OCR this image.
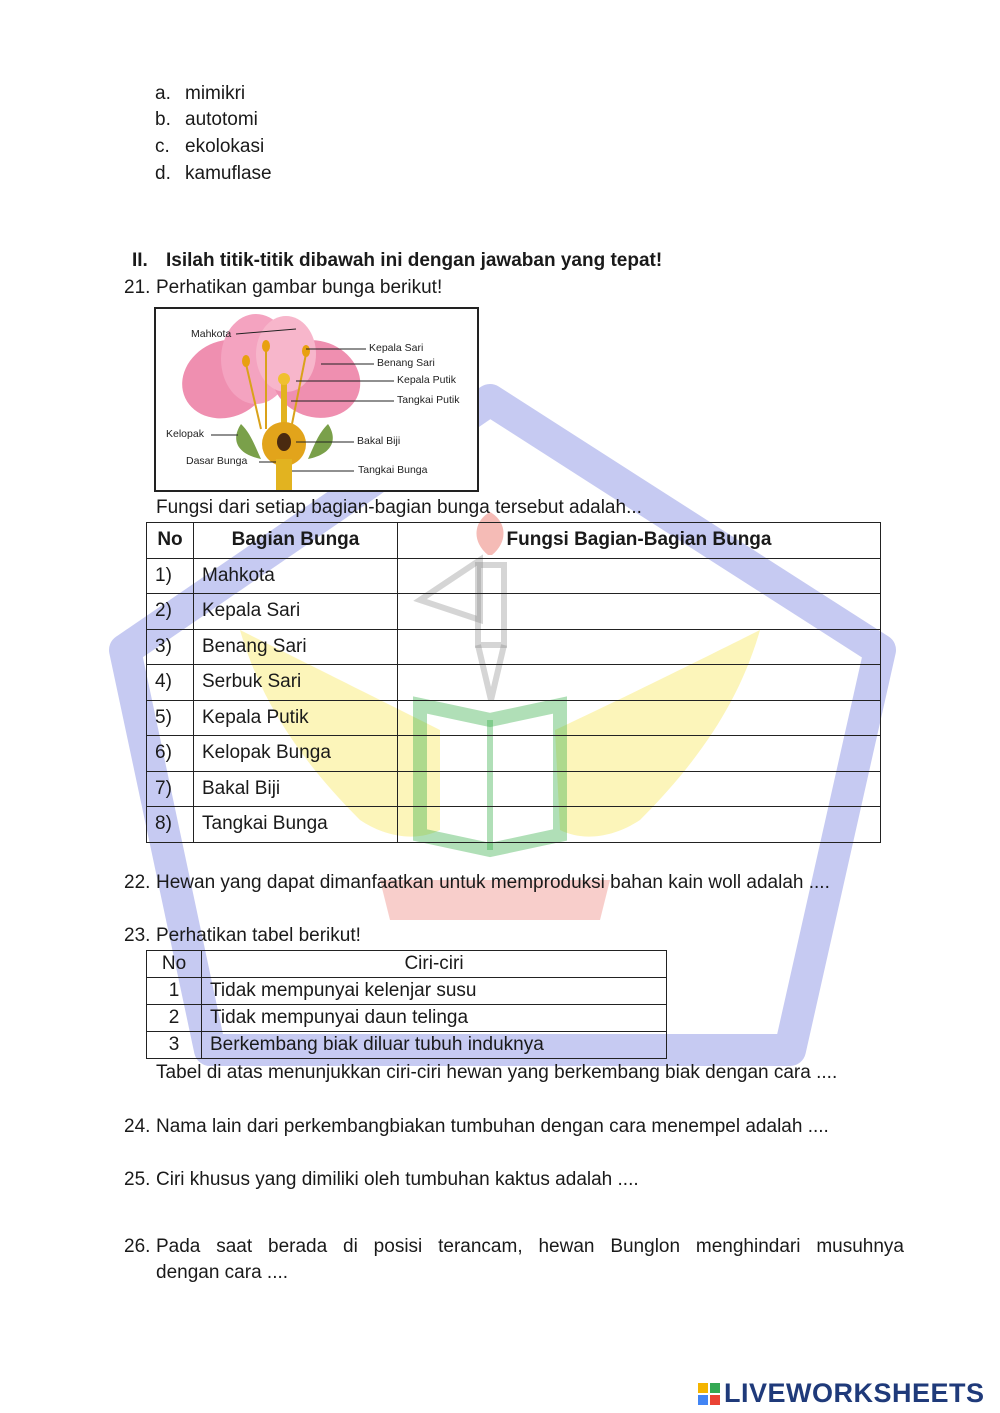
a. mimikri
b. autotomi
c. ekolokasi
d. kamuflase
II. Isilah titik-titik dibawah ini dengan jawaban yang tepat!
21. Perhatikan gambar bunga berikut!
Mahkota
Kepala Sari
Benang Sari
Kepala Putik
Tangkai Putik
Kelopak
Bakal Biji
Dasar Bunga
Tangkai Bunga
Fungsi dari setiap bagian-bagian bunga tersebut adalah...
No	Bagian Bunga	Fungsi Bagian-Bagian Bunga
1)	Mahkota	
2)	Kepala Sari	
3)	Benang Sari	
4)	Serbuk Sari	
5)	Kepala Putik	
6)	Kelopak Bunga	
7)	Bakal Biji	
8)	Tangkai Bunga	
22. Hewan yang dapat dimanfaatkan untuk memproduksi bahan kain woll adalah ....
23. Perhatikan tabel berikut!
No	Ciri-ciri
1	Tidak mempunyai kelenjar susu
2	Tidak mempunyai daun telinga
3	Berkembang biak diluar tubuh induknya
Tabel di atas menunjukkan ciri-ciri hewan yang berkembang biak dengan cara ....
24. Nama lain dari perkembangbiakan tumbuhan dengan cara menempel adalah ....
25. Ciri khusus yang dimiliki oleh tumbuhan kaktus adalah ....
26. Pada saat berada di posisi terancam, hewan Bunglon menghindari musuhnya
dengan cara ....
LIVEWORKSHEETS
